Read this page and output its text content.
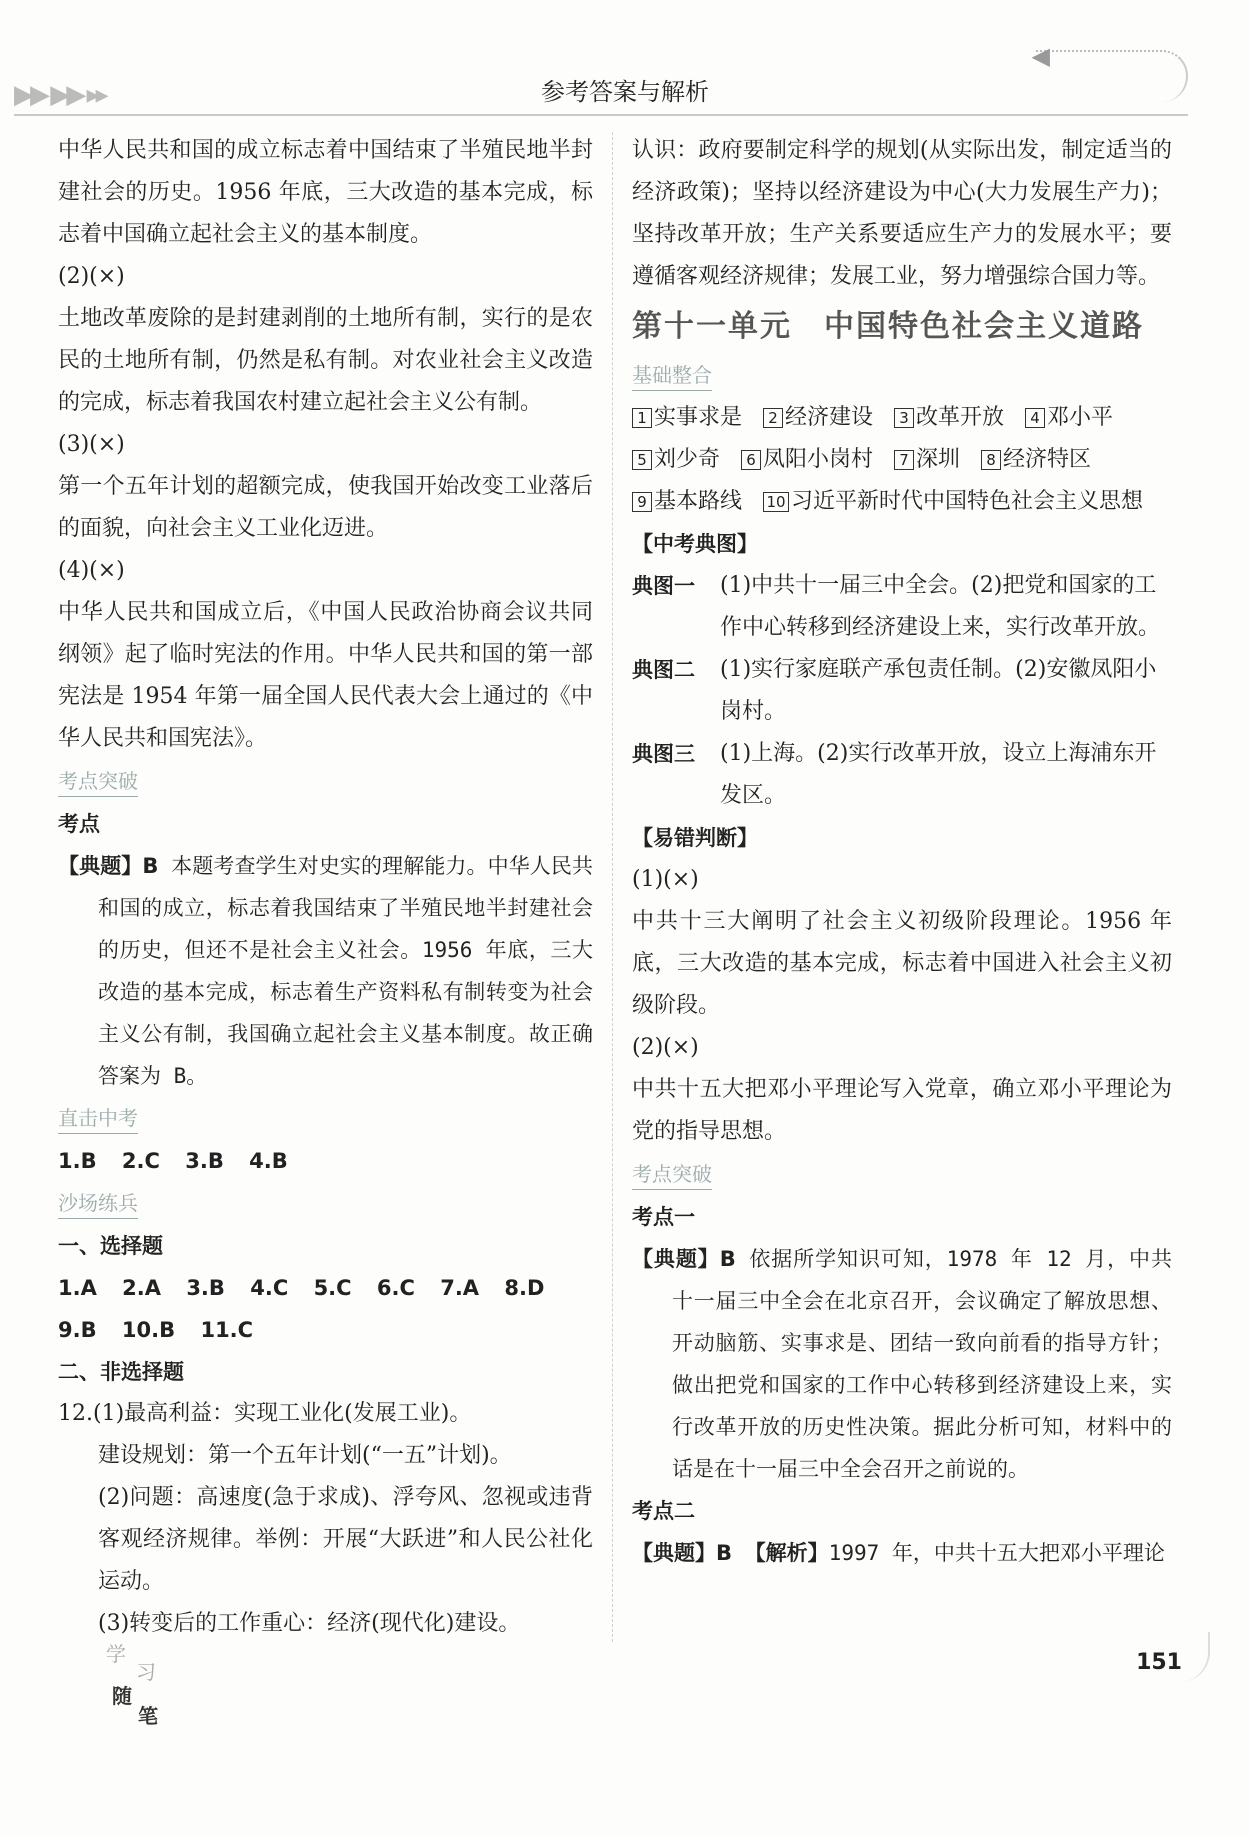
▶▶ ▶▶ ▸▸	参考答案与解析
◀

中华人民共和国的成立标志着中国结束了半殖民地半封建社会的历史。1956 年底，三大改造的基本完成，标志着中国确立起社会主义的基本制度。

(2)(×)

土地改革废除的是封建剥削的土地所有制，实行的是农民的土地所有制，仍然是私有制。对农业社会主义改造的完成，标志着我国农村建立起社会主义公有制。

(3)(×)

第一个五年计划的超额完成，使我国开始改变工业落后的面貌，向社会主义工业化迈进。

(4)(×)

中华人民共和国成立后，《中国人民政治协商会议共同纲领》起了临时宪法的作用。中华人民共和国的第一部宪法是 1954 年第一届全国人民代表大会上通过的《中华人民共和国宪法》。

考点突破

考点

【典题】B 本题考查学生对史实的理解能力。中华人民共和国的成立，标志着我国结束了半殖民地半封建社会的历史，但还不是社会主义社会。1956 年底，三大改造的基本完成，标志着生产资料私有制转变为社会主义公有制，我国确立起社会主义基本制度。故正确答案为 B。

直击中考
1.B 2.C 3.B 4.B
沙场练兵

一、选择题

1.A 2.A 3.B 4.C 5.C 6.C 7.A 8.D
9.B 10.B 11.C

二、非选择题

12.(1)最高利益：实现工业化(发展工业)。

建设规划：第一个五年计划(“一五”计划)。

(2)问题：高速度(急于求成)、浮夸风、忽视或违背客观经济规律。举例：开展“大跃进”和人民公社化运动。

(3)转变后的工作重心：经济(现代化)建设。

认识：政府要制定科学的规划(从实际出发，制定适当的经济政策)；坚持以经济建设为中心(大力发展生产力)；坚持改革开放；生产关系要适应生产力的发展水平；要遵循客观经济规律；发展工业，努力增强综合国力等。

第十一单元　中国特色社会主义道路
基础整合
1 实事求是 2 经济建设 3 改革开放 4 邓小平
5 刘少奇 6 凤阳小岗村 7 深圳 8 经济特区
9 基本路线 10 习近平新时代中国特色社会主义思想

【中考典图】

典图一	(1)中共十一届三中全会。(2)把党和国家的工作中心转移到经济建设上来，实行改革开放。
典图二	(1)实行家庭联产承包责任制。(2)安徽凤阳小岗村。
典图三	(1)上海。(2)实行改革开放，设立上海浦东开发区。

【易错判断】

(1)(×)

中共十三大阐明了社会主义初级阶段理论。1956 年底，三大改造的基本完成，标志着中国进入社会主义初级阶段。

(2)(×)

中共十五大把邓小平理论写入党章，确立邓小平理论为党的指导思想。

考点突破

考点一

【典题】B 依据所学知识可知，1978 年 12 月，中共十一届三中全会在北京召开，会议确定了解放思想、开动脑筋、实事求是、团结一致向前看的指导方针；做出把党和国家的工作中心转移到经济建设上来，实行改革开放的历史性决策。据此分析可知，材料中的话是在十一届三中全会召开之前说的。

考点二

【典题】B 【解析】1997 年，中共十五大把邓小平理论

学
习
随
笔
151
